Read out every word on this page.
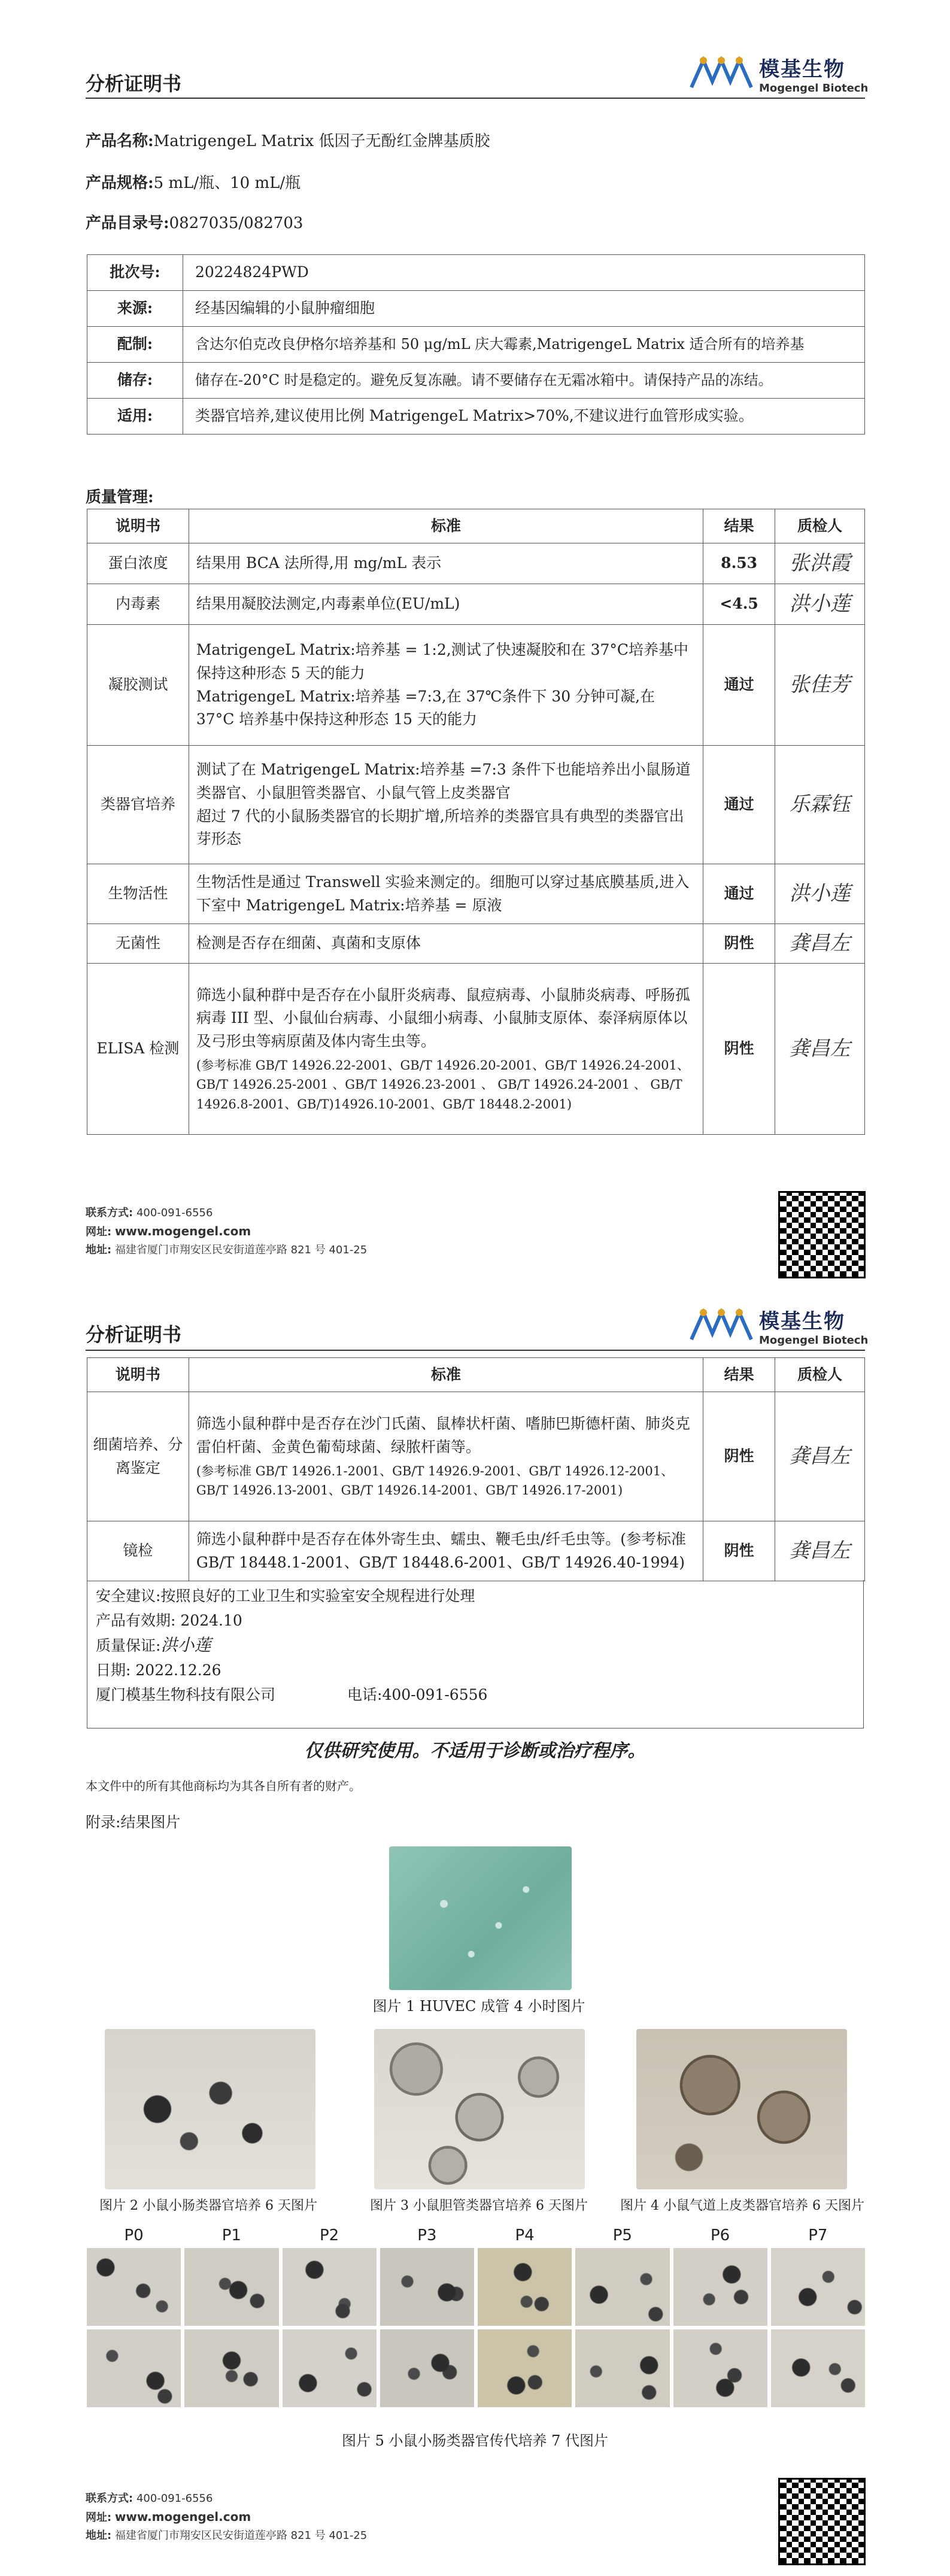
分析证明书
模基生物
Mogengel Biotech
产品名称:MatrigengeL Matrix 低因子无酚红金牌基质胶
产品规格:5 mL/瓶、10 mL/瓶
产品目录号:0827035/082703
批次号:	20224824PWD
来源:	经基因编辑的小鼠肿瘤细胞
配制:	含达尔伯克改良伊格尔培养基和 50 μg/mL 庆大霉素,MatrigengeL Matrix 适合所有的培养基
储存:	储存在-20°C 时是稳定的。避免反复冻融。请不要储存在无霜冰箱中。请保持产品的冻结。
适用:	类器官培养,建议使用比例 MatrigengeL Matrix>70%,不建议进行血管形成实验。
质量管理:
说明书	标准	结果	质检人
蛋白浓度	结果用 BCA 法所得,用 mg/mL 表示	8.53	张洪霞
内毒素	结果用凝胶法测定,内毒素单位(EU/mL)	<4.5	洪小莲
凝胶测试	MatrigengeL Matrix:培养基 = 1:2,测试了快速凝胶和在 37°C培养基中保持这种形态 5 天的能力
MatrigengeL Matrix:培养基 =7:3,在 37℃条件下 30 分钟可凝,在 37°C 培养基中保持这种形态 15 天的能力	通过	张佳芳
类器官培养	测试了在 MatrigengeL Matrix:培养基 =7:3 条件下也能培养出小鼠肠道类器官、小鼠胆管类器官、小鼠气管上皮类器官
超过 7 代的小鼠肠类器官的长期扩增,所培养的类器官具有典型的类器官出芽形态	通过	乐霖钰
生物活性	生物活性是通过 Transwell 实验来测定的。细胞可以穿过基底膜基质,进入下室中 MatrigengeL Matrix:培养基 = 原液	通过	洪小莲
无菌性	检测是否存在细菌、真菌和支原体	阴性	龚昌左
ELISA 检测	筛选小鼠种群中是否存在小鼠肝炎病毒、鼠痘病毒、小鼠肺炎病毒、呼肠孤病毒 III 型、小鼠仙台病毒、小鼠细小病毒、小鼠肺支原体、泰泽病原体以及弓形虫等病原菌及体内寄生虫等。
(参考标准 GB/T 14926.22-2001、GB/T 14926.20-2001、GB/T 14926.24-2001、GB/T 14926.25-2001 、GB/T 14926.23-2001 、 GB/T 14926.24-2001 、 GB/T 14926.8-2001、GB/T)14926.10-2001、GB/T 18448.2-2001)	阴性	龚昌左
联系方式: 400-091-6556
网址: www.mogengel.com
地址: 福建省厦门市翔安区民安街道莲亭路 821 号 401-25
分析证明书
模基生物
Mogengel Biotech
说明书	标准	结果	质检人
细菌培养、分离鉴定	筛选小鼠种群中是否存在沙门氏菌、鼠棒状杆菌、嗜肺巴斯德杆菌、肺炎克雷伯杆菌、金黄色葡萄球菌、绿脓杆菌等。
(参考标准 GB/T 14926.1-2001、GB/T 14926.9-2001、GB/T 14926.12-2001、GB/T 14926.13-2001、GB/T 14926.14-2001、GB/T 14926.17-2001)	阴性	龚昌左
镜检	筛选小鼠种群中是否存在体外寄生虫、蠕虫、鞭毛虫/纤毛虫等。(参考标准 GB/T 18448.1-2001、GB/T 18448.6-2001、GB/T 14926.40-1994)	阴性	龚昌左
安全建议:按照良好的工业卫生和实验室安全规程进行处理
产品有效期: 2024.10
质量保证:洪小莲
日期: 2022.12.26
厦门模基生物科技有限公司	电话:400-091-6556
仅供研究使用。不适用于诊断或治疗程序。
本文件中的所有其他商标均为其各自所有者的财产。
附录:结果图片
图片 1 HUVEC 成管 4 小时图片
图片 2 小鼠小肠类器官培养 6 天图片	图片 3 小鼠胆管类器官培养 6 天图片	图片 4 小鼠气道上皮类器官培养 6 天图片
P0	P1	P2	P3	P4	P5	P6	P7
图片 5 小鼠小肠类器官传代培养 7 代图片
联系方式: 400-091-6556
网址: www.mogengel.com
地址: 福建省厦门市翔安区民安街道莲亭路 821 号 401-25
